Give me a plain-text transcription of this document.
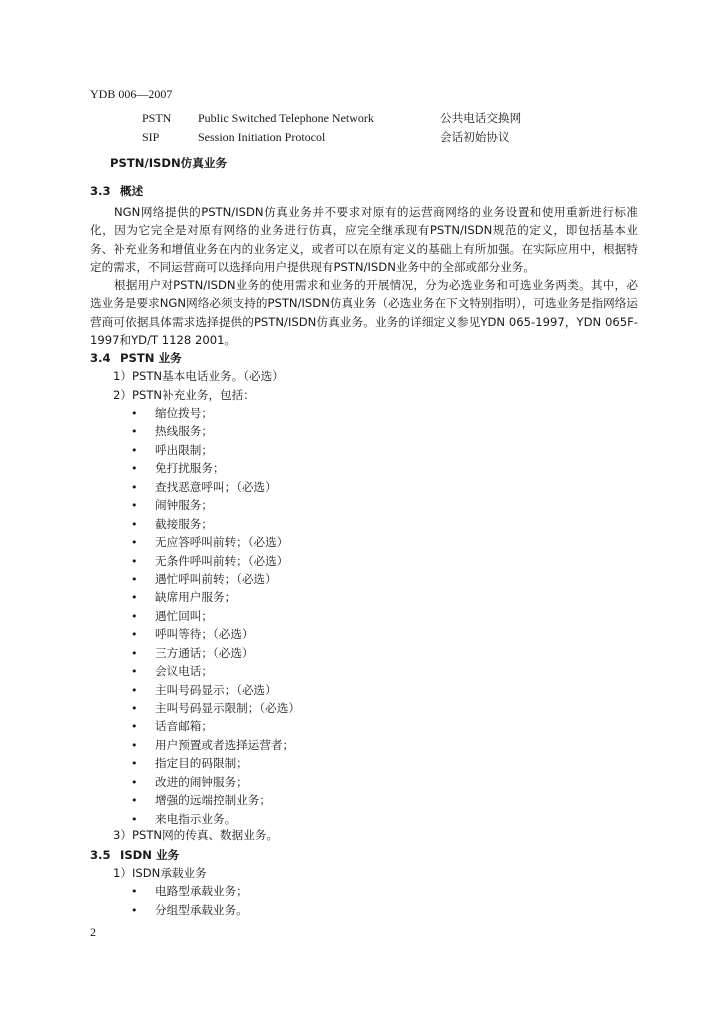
YDB 006—2007
PSTN Public Switched Telephone Network	公共电话交换网
SIP	Session Initiation Protocol	会话初始协议
PSTN/ISDN仿真业务
3.3 概述
NGN网络提供的PSTN/ISDN仿真业务并不要求对原有的运营商网络的业务设置和使用重新进行标准化，因为它完全是对原有网络的业务进行仿真，应完全继承现有PSTN/ISDN规范的定义，即包括基本业务、补充业务和增值业务在内的业务定义，或者可以在原有定义的基础上有所加强。在实际应用中，根据特定的需求，不同运营商可以选择向用户提供现有PSTN/ISDN业务中的全部或部分业务。
根据用户对PSTN/ISDN业务的使用需求和业务的开展情况，分为必选业务和可选业务两类。其中，必选业务是要求NGN网络必须支持的PSTN/ISDN仿真业务（必选业务在下文特别指明），可选业务是指网络运营商可依据具体需求选择提供的PSTN/ISDN仿真业务。业务的详细定义参见YDN 065-1997，YDN 065F-1997和YD/T 1128 2001。
3.4 PSTN 业务
1）PSTN基本电话业务。（必选）
2）PSTN补充业务，包括：
• 缩位拨号；
• 热线服务；
• 呼出限制；
• 免打扰服务；
• 查找恶意呼叫；（必选）
• 闹钟服务；
• 截接服务；
• 无应答呼叫前转；（必选）
• 无条件呼叫前转；（必选）
• 遇忙呼叫前转；（必选）
• 缺席用户服务；
• 遇忙回叫；
• 呼叫等待；（必选）
• 三方通话；（必选）
• 会议电话；
• 主叫号码显示；（必选）
• 主叫号码显示限制；（必选）
• 话音邮箱；
• 用户预置或者选择运营者；
• 指定目的码限制；
• 改进的闹钟服务；
• 增强的远端控制业务；
• 来电指示业务。
3）PSTN网的传真、数据业务。
3.5 ISDN 业务
1）ISDN承载业务
• 电路型承载业务；
• 分组型承载业务。
2
